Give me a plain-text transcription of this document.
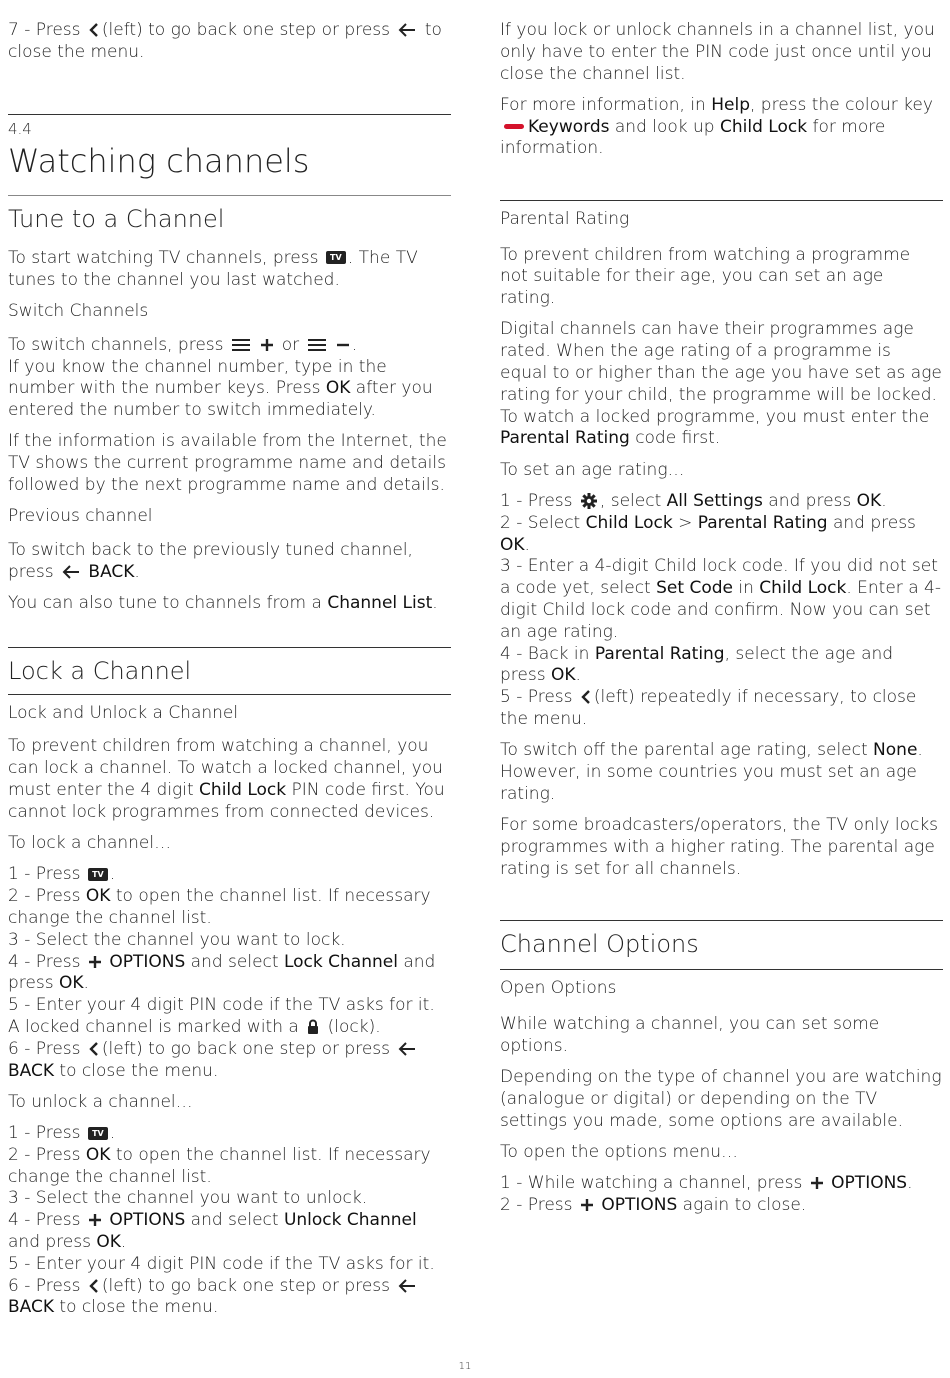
7 - Press (left) to go back one step or press to close the menu.

4.4
Watching channels
Tune to a Channel

To start watching TV channels, press TV . The TV tunes to the channel you last watched.

Switch Channels

To switch channels, press	or	.
If you know the channel number, type in the number with the number keys. Press OK after you entered the number to switch immediately.

If the information is available from the Internet, the TV shows the current programme name and details followed by the next programme name and details.

Previous channel

To switch back to the previously tuned channel, press BACK.

You can also tune to channels from a Channel List.

Lock a Channel
Lock and Unlock a Channel

To prevent children from watching a channel, you can lock a channel. To watch a locked channel, you must enter the 4 digit Child Lock PIN code first. You cannot lock programmes from connected devices.

To lock a channel…

1 - Press TV .
2 - Press OK to open the channel list. If necessary change the channel list.
3 - Select the channel you want to lock.
4 - Press OPTIONS and select Lock Channel and press OK.
5 - Enter your 4 digit PIN code if the TV asks for it. A locked channel is marked with a (lock).
6 - Press (left) to go back one step or press  BACK to close the menu.

To unlock a channel…

1 - Press TV .
2 - Press OK to open the channel list. If necessary change the channel list.
3 - Select the channel you want to unlock.
4 - Press OPTIONS and select Unlock Channel and press OK.
5 - Enter your 4 digit PIN code if the TV asks for it.
6 - Press (left) to go back one step or press  BACK to close the menu.

If you lock or unlock channels in a channel list, you only have to enter the PIN code just once until you close the channel list.

For more information, in Help, press the colour key Keywords and look up Child Lock for more information.

Parental Rating

To prevent children from watching a programme not suitable for their age, you can set an age rating.

Digital channels can have their programmes age rated. When the age rating of a programme is equal to or higher than the age you have set as age rating for your child, the programme will be locked. To watch a locked programme, you must enter the Parental Rating code first.

To set an age rating…

1 - Press , select All Settings and press OK.
2 - Select Child Lock > Parental Rating and press OK.
3 - Enter a 4-digit Child lock code. If you did not set a code yet, select Set Code in Child Lock. Enter a 4-digit Child lock code and confirm. Now you can set an age rating.
4 - Back in Parental Rating, select the age and press OK.
5 - Press (left) repeatedly if necessary, to close the menu.

To switch off the parental age rating, select None. However, in some countries you must set an age rating.

For some broadcasters/operators, the TV only locks programmes with a higher rating. The parental age rating is set for all channels.

Channel Options
Open Options

While watching a channel, you can set some options.

Depending on the type of channel you are watching (analogue or digital) or depending on the TV settings you made, some options are available.

To open the options menu…

1 - While watching a channel, press OPTIONS.
2 - Press OPTIONS again to close.
11
